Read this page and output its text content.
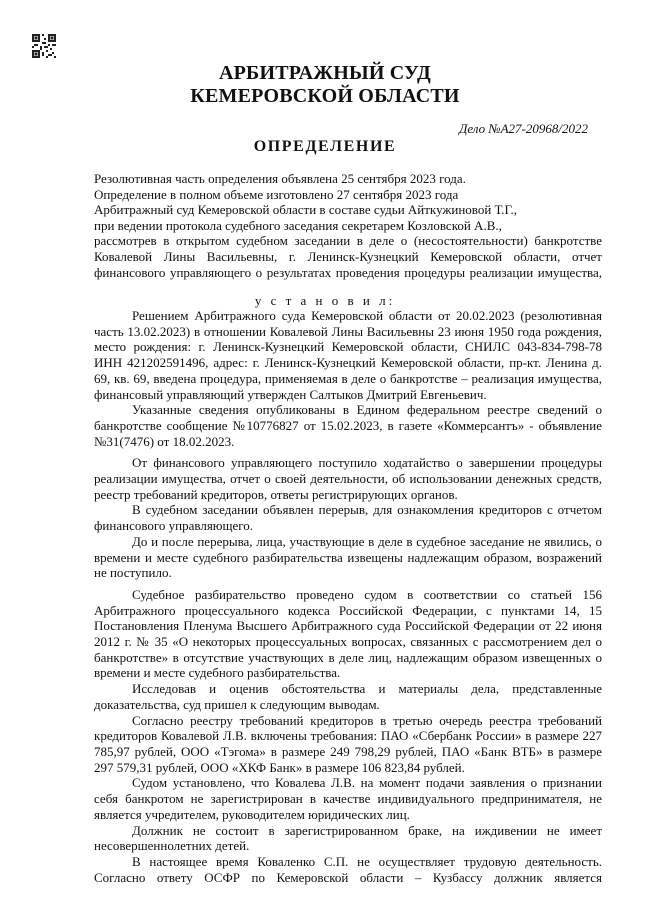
АРБИТРАЖНЫЙ СУД
КЕМЕРОВСКОЙ ОБЛАСТИ
Дело №А27-20968/2022
ОПРЕДЕЛЕНИЕ

Резолютивная часть определения объявлена 25 сентября 2023 года.

Определение в полном объеме изготовлено 27 сентября 2023 года

Арбитражный суд Кемеровской области в составе судьи Айткужиновой Т.Г.,

при ведении протокола судебного заседания секретарем Козловской А.В.,

рассмотрев в открытом судебном заседании в деле о (несостоятельности) банкротстве Ковалевой Лины Васильевны, г. Ленинск-Кузнецкий Кемеровской области, отчет финансового управляющего о результатах проведения процедуры реализации имущества,

у с т а н о в и л:

Решением Арбитражного суда Кемеровской области от 20.02.2023 (резолютивная часть 13.02.2023) в отношении Ковалевой Лины Васильевны 23 июня 1950 года рождения, место рождения: г. Ленинск-Кузнецкий Кемеровской области, СНИЛС 043-834-798-78 ИНН 421202591496, адрес: г. Ленинск-Кузнецкий Кемеровской области, пр-кт. Ленина д. 69, кв. 69, введена процедура, применяемая в деле о банкротстве – реализация имущества, финансовый управляющий утвержден Салтыков Дмитрий Евгеньевич.

Указанные сведения опубликованы в Едином федеральном реестре сведений о банкротстве сообщение №10776827 от 15.02.2023, в газете «Коммерсантъ» - объявление №31(7476) от 18.02.2023.

От финансового управляющего поступило ходатайство о завершении процедуры реализации имущества, отчет о своей деятельности, об использовании денежных средств, реестр требований кредиторов, ответы регистрирующих органов.

В судебном заседании объявлен перерыв, для ознакомления кредиторов с отчетом финансового управляющего.

До и после перерыва, лица, участвующие в деле в судебное заседание не явились, о времени и месте судебного разбирательства извещены надлежащим образом, возражений не поступило.

Судебное разбирательство проведено судом в соответствии со статьей 156 Арбитражного процессуального кодекса Российской Федерации, с пунктами 14, 15 Постановления Пленума Высшего Арбитражного суда Российской Федерации от 22 июня 2012 г. № 35 «О некоторых процессуальных вопросах, связанных с рассмотрением дел о банкротстве» в отсутствие участвующих в деле лиц, надлежащим образом извещенных о времени и месте судебного разбирательства.

Исследовав и оценив обстоятельства и материалы дела, представленные доказательства, суд пришел к следующим выводам.

Согласно реестру требований кредиторов в третью очередь реестра требований кредиторов Ковалевой Л.В. включены требования: ПАО «Сбербанк России» в размере 227 785,97 рублей, ООО «Тэгома» в размере 249 798,29 рублей, ПАО «Банк ВТБ» в размере 297 579,31 рублей, ООО «ХКФ Банк» в размере 106 823,84 рублей.

Судом установлено, что Ковалева Л.В. на момент подачи заявления о признании себя банкротом не зарегистрирован в качестве индивидуального предпринимателя, не является учредителем, руководителем юридических лиц.

Должник не состоит в зарегистрированном браке, на иждивении не имеет несовершеннолетних детей.

В настоящее время Коваленко С.П. не осуществляет трудовую деятельность. Согласно ответу ОСФР по Кемеровской области – Кузбассу должник является
